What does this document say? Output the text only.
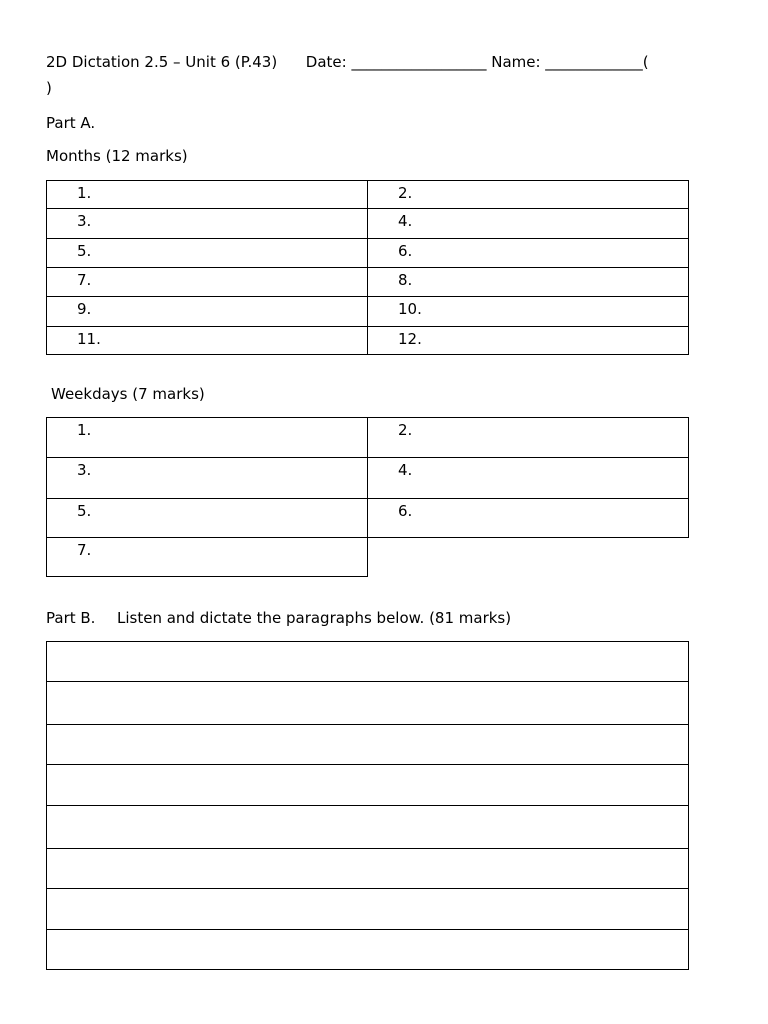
2D Dictation 2.5 – Unit 6 (P.43)      Date: __________________ Name: _____________(
)
Part A.
Months (12 marks)
1.	2.

3.	4.

5.	6.

7.	8.

9.	10.

11.	12.
Weekdays (7 marks)
1.	2.

3.	4.

5.	6.

7.	

Part B. Listen and dictate the paragraphs below. (81 marks)
